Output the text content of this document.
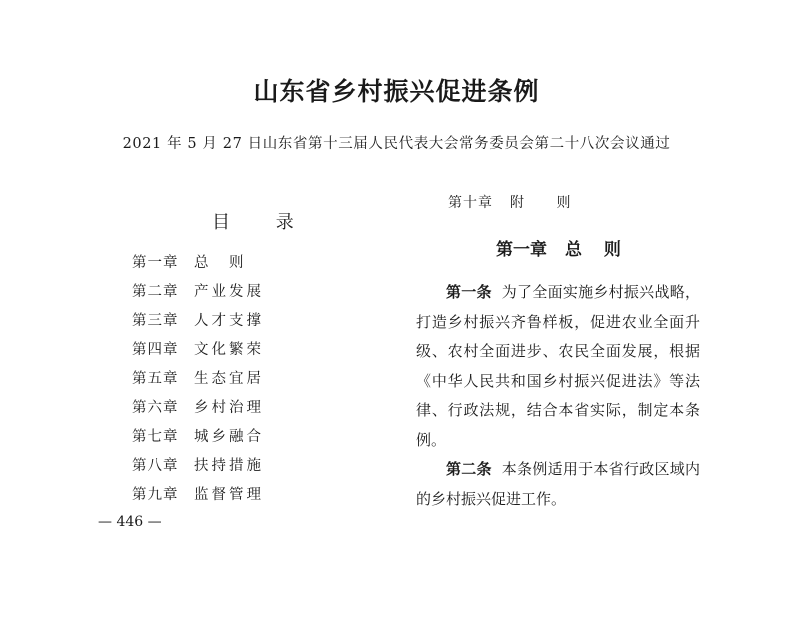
山东省乡村振兴促进条例
2021 年 5 月 27 日山东省第十三届人民代表大会常务委员会第二十八次会议通过
目 录
第一章 总　则
第二章 产业发展
第三章 人才支撑
第四章 文化繁荣
第五章 生态宜居
第六章 乡村治理
第七章 城乡融合
第八章 扶持措施
第九章 监督管理
— 446 —
第十章 附 则
第一章 总 则

第一条 为了全面实施乡村振兴战略，打造乡村振兴齐鲁样板，促进农业全面升级、农村全面进步、农民全面发展，根据《中华人民共和国乡村振兴促进法》等法律、行政法规，结合本省实际，制定本条例。

第二条 本条例适用于本省行政区域内的乡村振兴促进工作。
